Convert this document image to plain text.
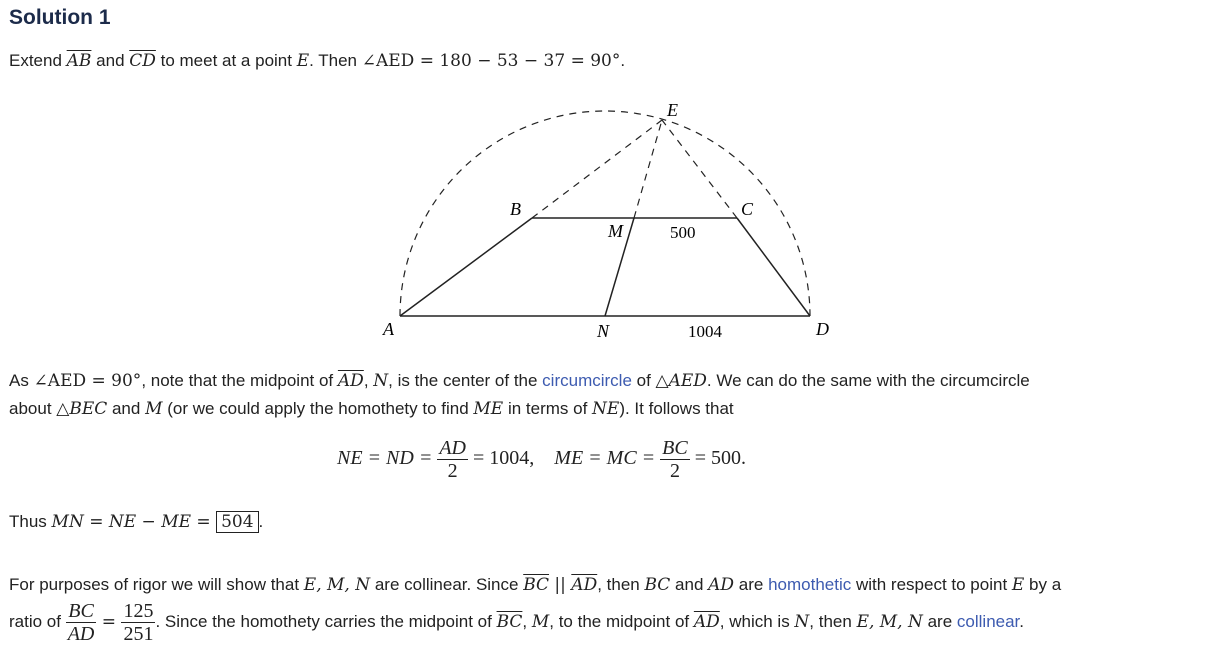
Solution 1
Extend $\overline{AB}$ and $\overline{CD}$ to meet at a point E. Then ∠AED = 180 − 53 − 37 = 90°.
A
B	C
D
E
M
N
500
1004
As ∠AED = 90°, note that the midpoint of $\overline{AD}$, N, is the center of the circumcircle of △AED. We can do the same with the circumcircle
about △BEC and M (or we could apply the homothety to find ME in terms of NE). It follows that
NE = ND = $\frac{AD}{2} = 1004$, ME = MC = $\frac{BC}{2} = 500$.
Thus MN = NE − ME = 504 .
For purposes of rigor we will show that E, M, N are collinear. Since $\overline{BC}$ || $\overline{AD}$, then BC and AD are homothetic with respect to point E by a
ratio of $\frac{BC}{AD} = \frac{125}{251}$ . Since the homothety carries the midpoint of $\overline{BC}$, M, to the midpoint of $\overline{AD}$, which is N, then E, M, N are collinear.
